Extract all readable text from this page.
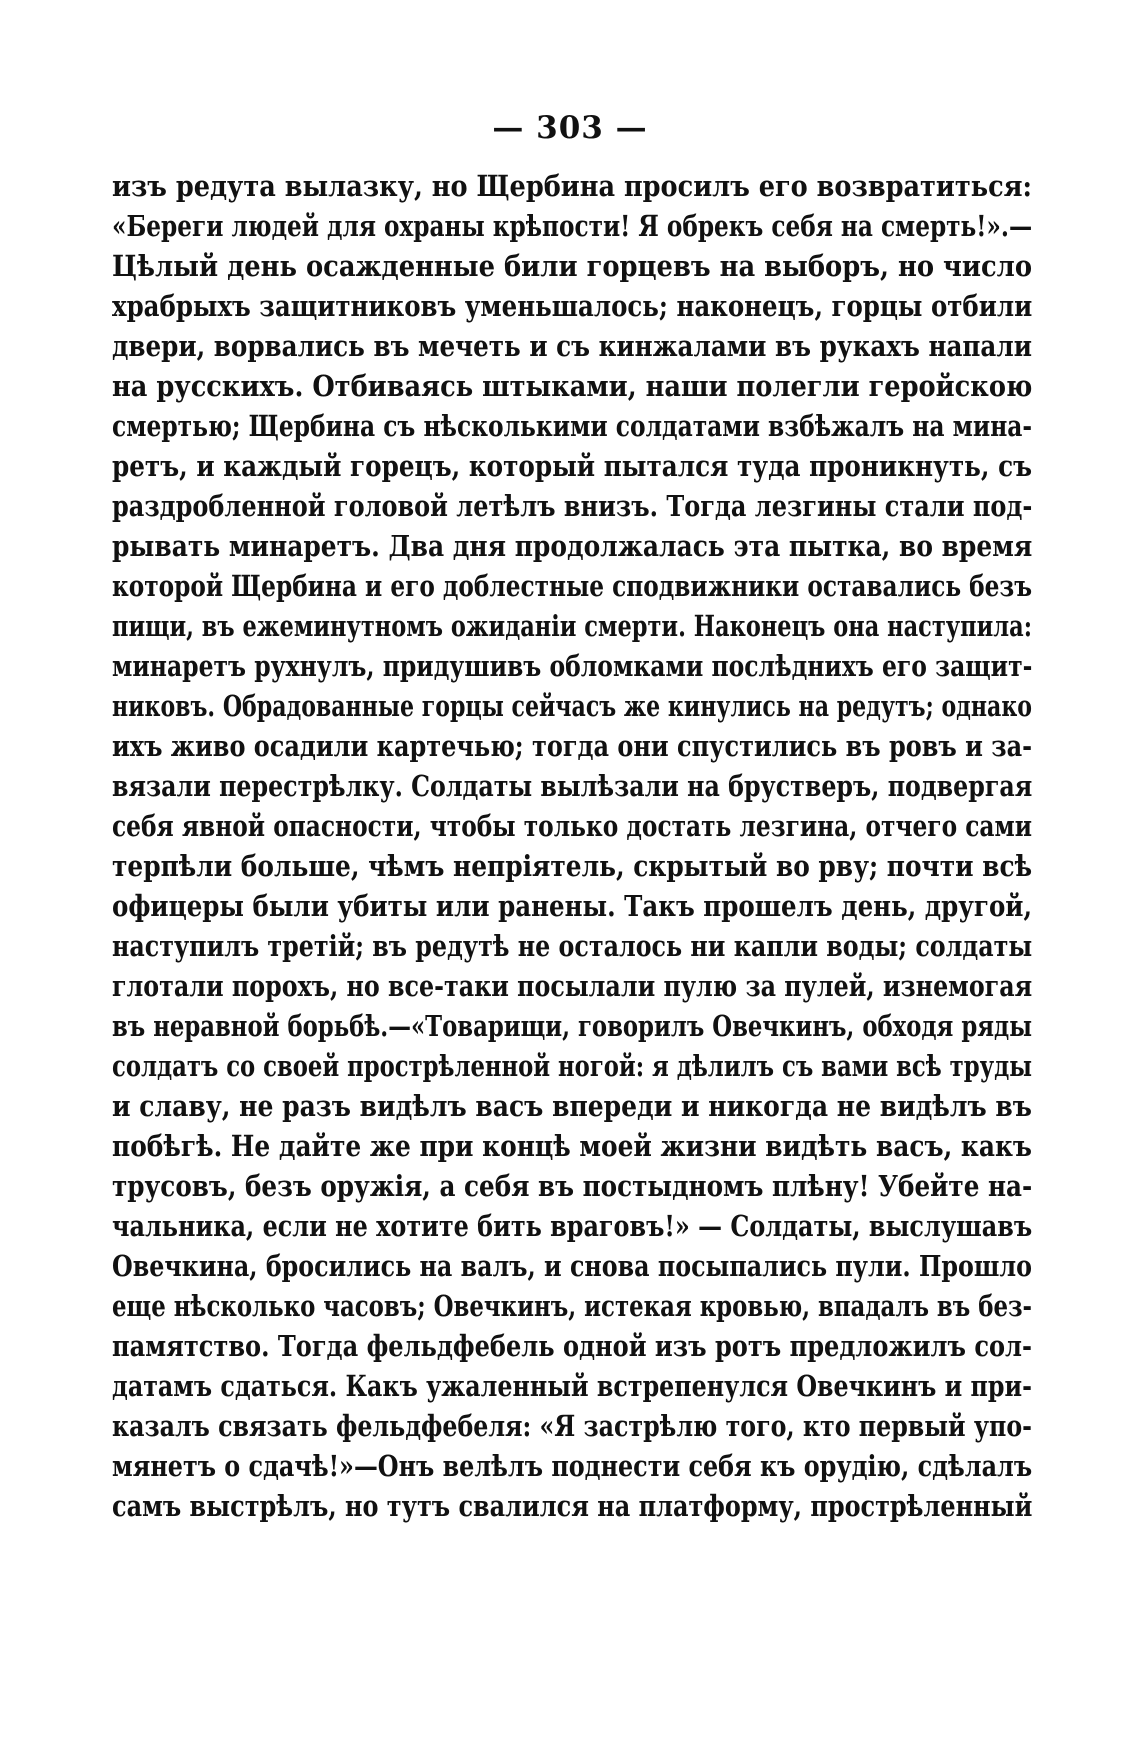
— 303 —
изъ редута вылазку, но Щербина просилъ его возвратиться:
«Береги людей для охраны крѣпости! Я обрекъ себя на смерть!».—
Цѣлый день осажденные били горцевъ на выборъ, но число
храбрыхъ защитниковъ уменьшалось; наконецъ, горцы отбили
двери, ворвались въ мечеть и съ кинжалами въ рукахъ напали
на русскихъ. Отбиваясь штыками, наши полегли геройскою
смертью; Щербина съ нѣсколькими солдатами взбѣжалъ на мина-
ретъ, и каждый горецъ, который пытался туда проникнуть, съ
раздробленной головой летѣлъ внизъ. Тогда лезгины стали под-
рывать минаретъ. Два дня продолжалась эта пытка, во время
которой Щербина и его доблестные сподвижники оставались безъ
пищи, въ ежеминутномъ ожиданіи смерти. Наконецъ она наступила:
минаретъ рухнулъ, придушивъ обломками послѣднихъ его защит-
никовъ. Обрадованные горцы сейчасъ же кинулись на редутъ; однако
ихъ живо осадили картечью; тогда они спустились въ ровъ и за-
вязали перестрѣлку. Солдаты вылѣзали на брустверъ, подвергая
себя явной опасности, чтобы только достать лезгина, отчего сами
терпѣли больше, чѣмъ непріятель, скрытый во рву; почти всѣ
офицеры были убиты или ранены. Такъ прошелъ день, другой,
наступилъ третій; въ редутѣ не осталось ни капли воды; солдаты
глотали порохъ, но все-таки посылали пулю за пулей, изнемогая
въ неравной борьбѣ.—«Товарищи, говорилъ Овечкинъ, обходя ряды
солдатъ со своей прострѣленной ногой: я дѣлилъ съ вами всѣ труды
и славу, не разъ видѣлъ васъ впереди и никогда не видѣлъ въ
побѣгѣ. Не дайте же при концѣ моей жизни видѣть васъ, какъ
трусовъ, безъ оружія, а себя въ постыдномъ плѣну! Убейте на-
чальника, если не хотите бить враговъ!» — Солдаты, выслушавъ
Овечкина, бросились на валъ, и снова посыпались пули. Прошло
еще нѣсколько часовъ; Овечкинъ, истекая кровью, впадалъ въ без-
памятство. Тогда фельдфебель одной изъ ротъ предложилъ сол-
датамъ сдаться. Какъ ужаленный встрепенулся Овечкинъ и при-
казалъ связать фельдфебеля: «Я застрѣлю того, кто первый упо-
мянетъ о сдачѣ!»—Онъ велѣлъ поднести себя къ орудію, сдѣлалъ
самъ выстрѣлъ, но тутъ свалился на платформу, прострѣленный
